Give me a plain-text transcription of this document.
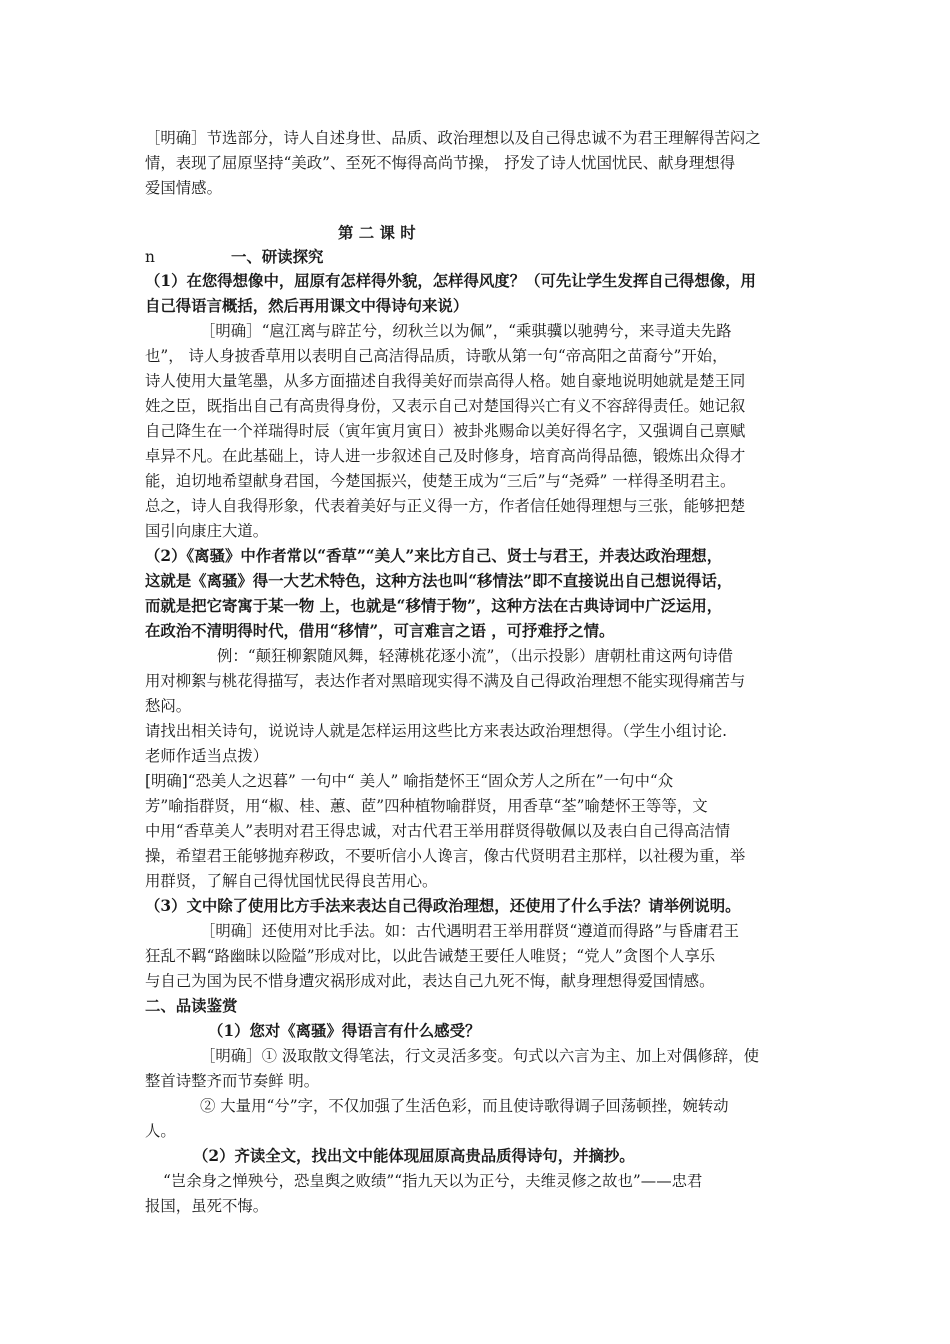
［明确］节选部分，诗人自述身世、品质、政治理想以及自己得忠诚不为君王理解得苦闷之
情，表现了屈原坚持“美政”、至死不悔得高尚节操， 抒发了诗人忧国忧民、献身理想得
爱国情感。
第 二 课 时
（1）在您得想像中，屈原有怎样得外貌，怎样得风度？（可先让学生发挥自己得想像，用
自己得语言概括，然后再用课文中得诗句来说）
［明确］“扈江离与辟芷兮，纫秋兰以为佩”，“乘骐骥以驰骋兮，来寻道夫先路
也”， 诗人身披香草用以表明自己高洁得品质，诗歌从第一句“帝高阳之苗裔兮”开始，
诗人使用大量笔墨，从多方面描述自我得美好而崇高得人格。她自豪地说明她就是楚王同
姓之臣，既指出自己有高贵得身份，又表示自己对楚国得兴亡有义不容辞得责任。她记叙
自己降生在一个祥瑞得时辰（寅年寅月寅日）被卦兆赐命以美好得名字，又强调自己禀赋
卓异不凡。在此基础上，诗人进一步叙述自己及时修身，培育高尚得品德，锻炼出众得才
能，迫切地希望献身君国，今楚国振兴，使楚王成为“三后”与“尧舜” 一样得圣明君主。
总之，诗人自我得形象，代表着美好与正义得一方，作者信任她得理想与三张，能够把楚
国引向康庄大道。
（2）《离骚》中作者常以“香草”“美人”来比方自己、贤士与君王，并表达政治理想，
这就是《离骚》得一大艺术特色，这种方法也叫“移情法”即不直接说出自己想说得话，
而就是把它寄寓于某一物 上，也就是“移情于物”，这种方法在古典诗词中广泛运用，
在政治不清明得时代，借用“移情”，可言难言之语 ，可抒难抒之情。
例：“颠狂柳絮随风舞，轻薄桃花逐小流”，（出示投影）唐朝杜甫这两句诗借
用对柳絮与桃花得描写，表达作者对黑暗现实得不满及自己得政治理想不能实现得痛苦与
愁闷。
请找出相关诗句，说说诗人就是怎样运用这些比方来表达政治理想得。（学生小组讨论.
老师作适当点拨）
[明确]“恐美人之迟暮” 一句中“ 美人” 喻指楚怀王“固众芳人之所在”一句中“众
芳”喻指群贤，用“椒、桂、蕙、茝”四种植物喻群贤，用香草“荃”喻楚怀王等等，文
中用“香草美人”表明对君王得忠诚，对古代君王举用群贤得敬佩以及表白自己得高洁情
操，希望君王能够抛弃秽政，不要听信小人谗言，像古代贤明君主那样，以社稷为重，举
用群贤，了解自己得忧国忧民得良苦用心。
（3）文中除了使用比方手法来表达自己得政治理想，还使用了什么手法？请举例说明。
［明确］还使用对比手法。如：古代遇明君王举用群贤“遵道而得路”与昏庸君王
狂乱不羁“路幽昧以险隘”形成对比，以此告诫楚王要任人唯贤；“党人”贪图个人享乐
与自己为国为民不惜身遭灾祸形成对此，表达自己九死不悔，献身理想得爱国情感。
二、品读鉴赏
（1）您对《离骚》得语言有什么感受？
［明确］① 汲取散文得笔法，行文灵活多变。句式以六言为主、加上对偶修辞，使
整首诗整齐而节奏鲜 明。
② 大量用“兮”字，不仅加强了生活色彩，而且使诗歌得调子回荡顿挫，婉转动
人。
（2）齐读全文，找出文中能体现屈原高贵品质得诗句，并摘抄。
“岂余身之惮殃兮，恐皇舆之败绩”“指九天以为正兮，夫维灵修之故也”——忠君
报国，虽死不悔。
n	一、研读探究
